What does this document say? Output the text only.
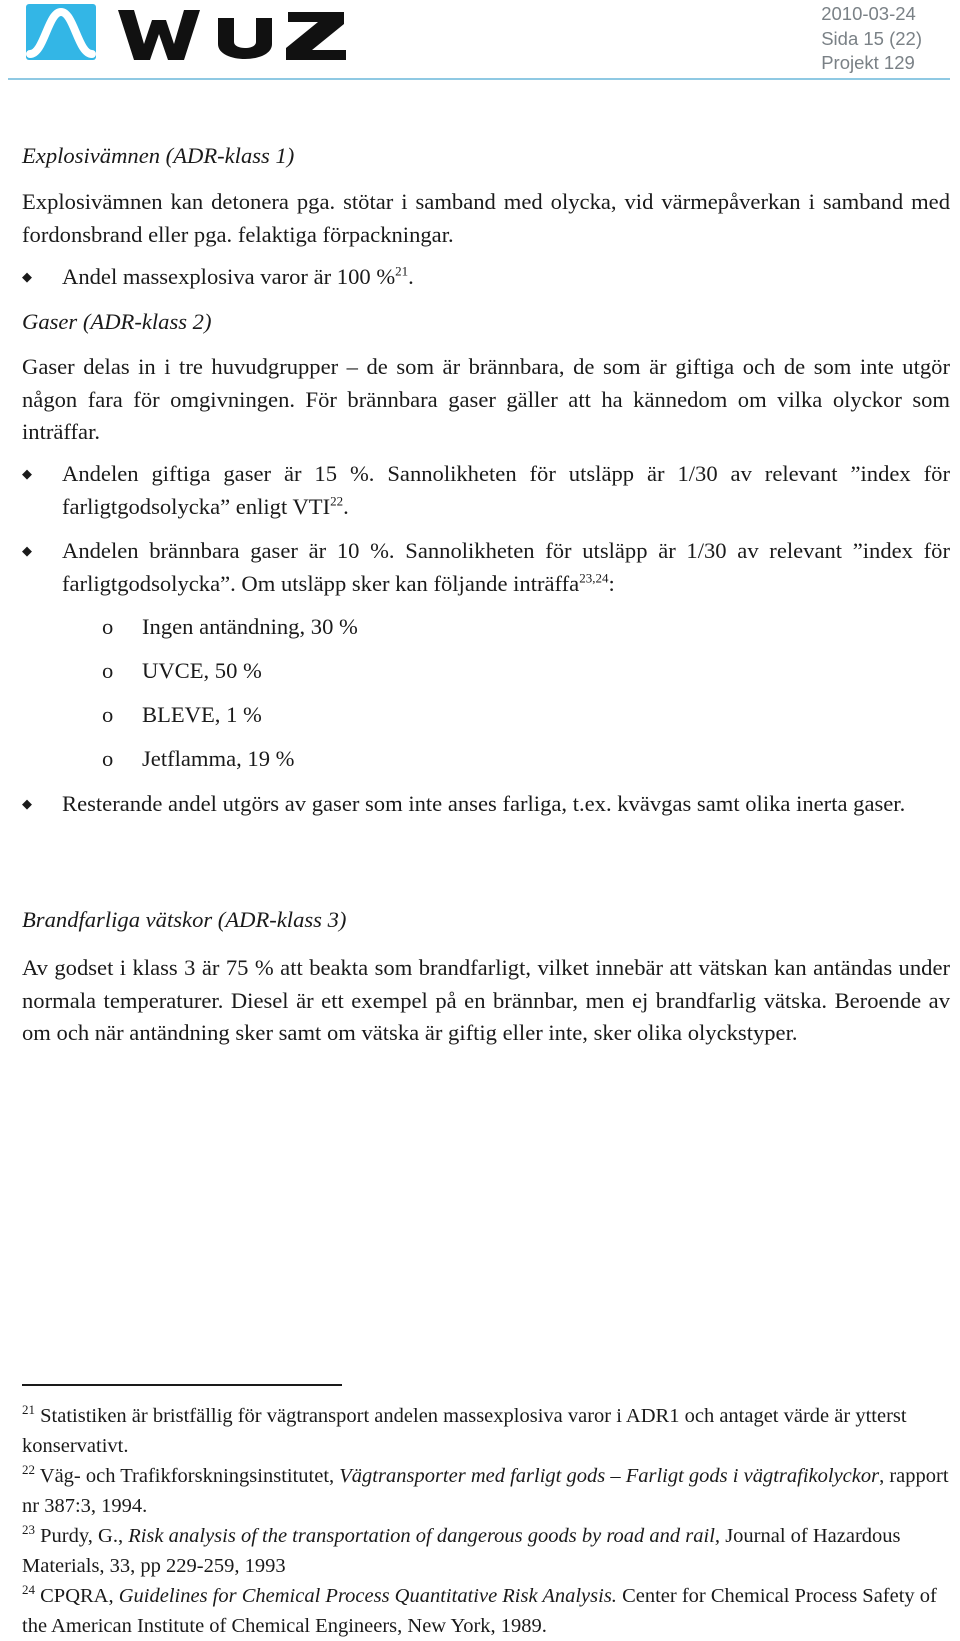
2010-03-24
Sida 15 (22)
Projekt 129
Explosivämnen (ADR-klass 1)
Explosivämnen kan detonera pga. stötar i samband med olycka, vid värmepåverkan i samband med fordonsbrand eller pga. felaktiga förpackningar.
◆	Andel massexplosiva varor är 100 %$^{21}$.
Gaser (ADR-klass 2)
Gaser delas in i tre huvudgrupper – de som är brännbara, de som är giftiga och de som inte utgör någon fara för omgivningen. För brännbara gaser gäller att ha kännedom om vilka olyckor som inträffar.
◆	Andelen giftiga gaser är 15 %. Sannolikheten för utsläpp är 1/30 av relevant ”index för farligtgodsolycka” enligt VTI$^{22}$.
◆	Andelen brännbara gaser är 10 %. Sannolikheten för utsläpp är 1/30 av relevant ”index för farligtgodsolycka”. Om utsläpp sker kan följande inträffa$^{23,24}$:
o Ingen antändning, 30 %
o UVCE, 50 %
o BLEVE, 1 %
o Jetflamma, 19 %
◆	Resterande andel utgörs av gaser som inte anses farliga, t.ex. kvävgas samt olika inerta gaser.
Brandfarliga vätskor (ADR-klass 3)
Av godset i klass 3 är 75 % att beakta som brandfarligt, vilket innebär att vätskan kan antändas under normala temperaturer. Diesel är ett exempel på en brännbar, men ej brandfarlig vätska. Beroende av om och när antändning sker samt om vätska är giftig eller inte, sker olika olyckstyper.
$^{21}$ Statistiken är bristfällig för vägtransport andelen massexplosiva varor i ADR1 och antaget värde är ytterst konservativt.
$^{22}$ Väg- och Trafikforskningsinstitutet, Vägtransporter med farligt gods – Farligt gods i vägtrafikolyckor, rapport nr 387:3, 1994.
$^{23}$ Purdy, G., Risk analysis of the transportation of dangerous goods by road and rail, Journal of Hazardous Materials, 33, pp 229-259, 1993
$^{24}$ CPQRA, Guidelines for Chemical Process Quantitative Risk Analysis. Center for Chemical Process Safety of the American Institute of Chemical Engineers, New York, 1989.
